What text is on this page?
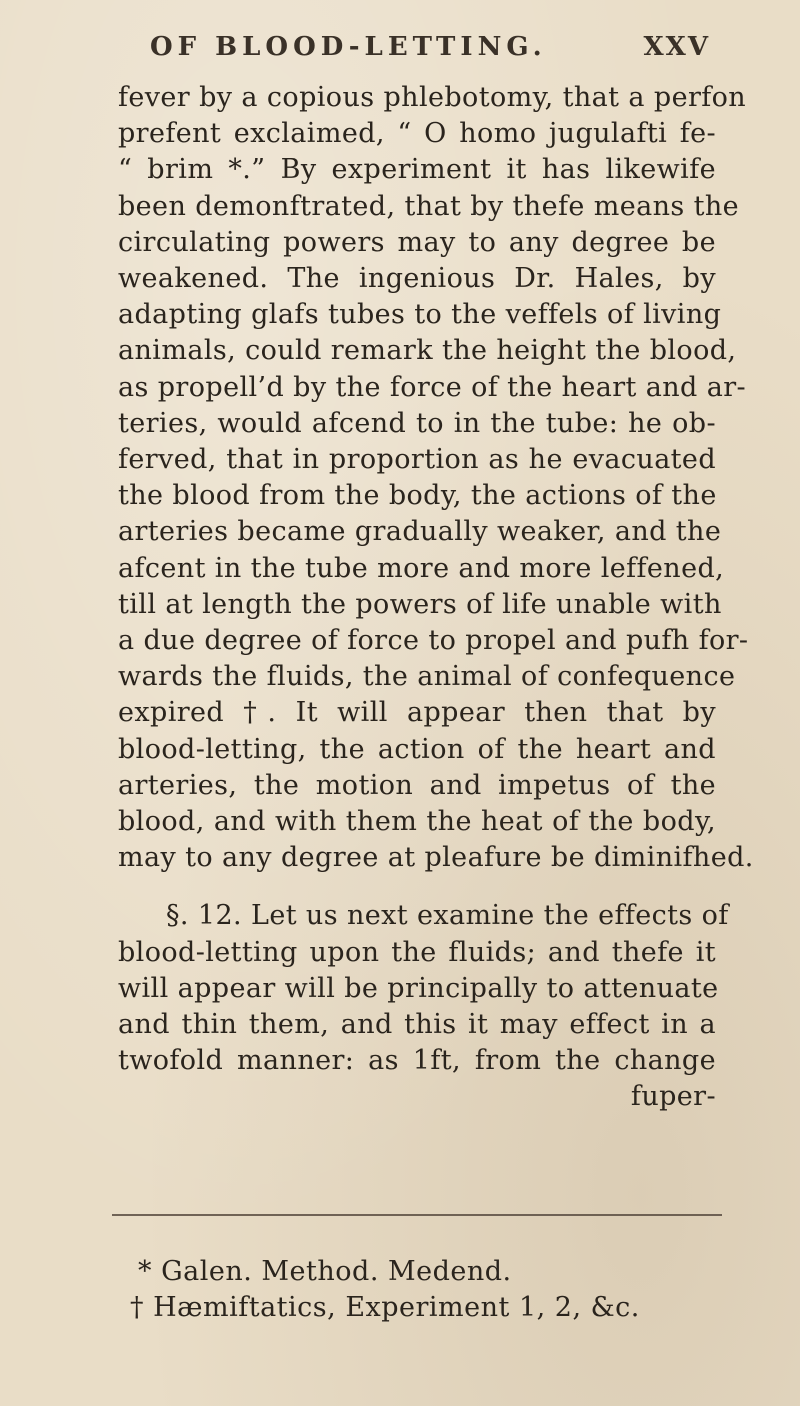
OF BLOOD-LETTING.	XXV
fever by a copious phlebotomy, that a perfon
prefent exclaimed, “ O homo jugulafti fe-
“ brim *.” By experiment it has likewife
been demonftrated, that by thefe means the
circulating powers may to any degree be
weakened. The ingenious Dr. Hales, by
adapting glafs tubes to the veffels of living
animals, could remark the height the blood,
as propell’d by the force of the heart and ar-
teries, would afcend to in the tube: he ob-
ferved, that in proportion as he evacuated
the blood from the body, the actions of the
arteries became gradually weaker, and the
afcent in the tube more and more leffened,
till at length the powers of life unable with
a due degree of force to propel and pufh for-
wards the fluids, the animal of confequence
expired †. It will appear then that by
blood-letting, the action of the heart and
arteries, the motion and impetus of the
blood, and with them the heat of the body,
may to any degree at pleafure be diminifhed.
§. 12. Let us next examine the effects of
blood-letting upon the fluids; and thefe it
will appear will be principally to attenuate
and thin them, and this it may effect in a
twofold manner: as 1ft, from the change
fuper-
* Galen. Method. Medend.
† Hæmiftatics, Experiment 1, 2, &c.
